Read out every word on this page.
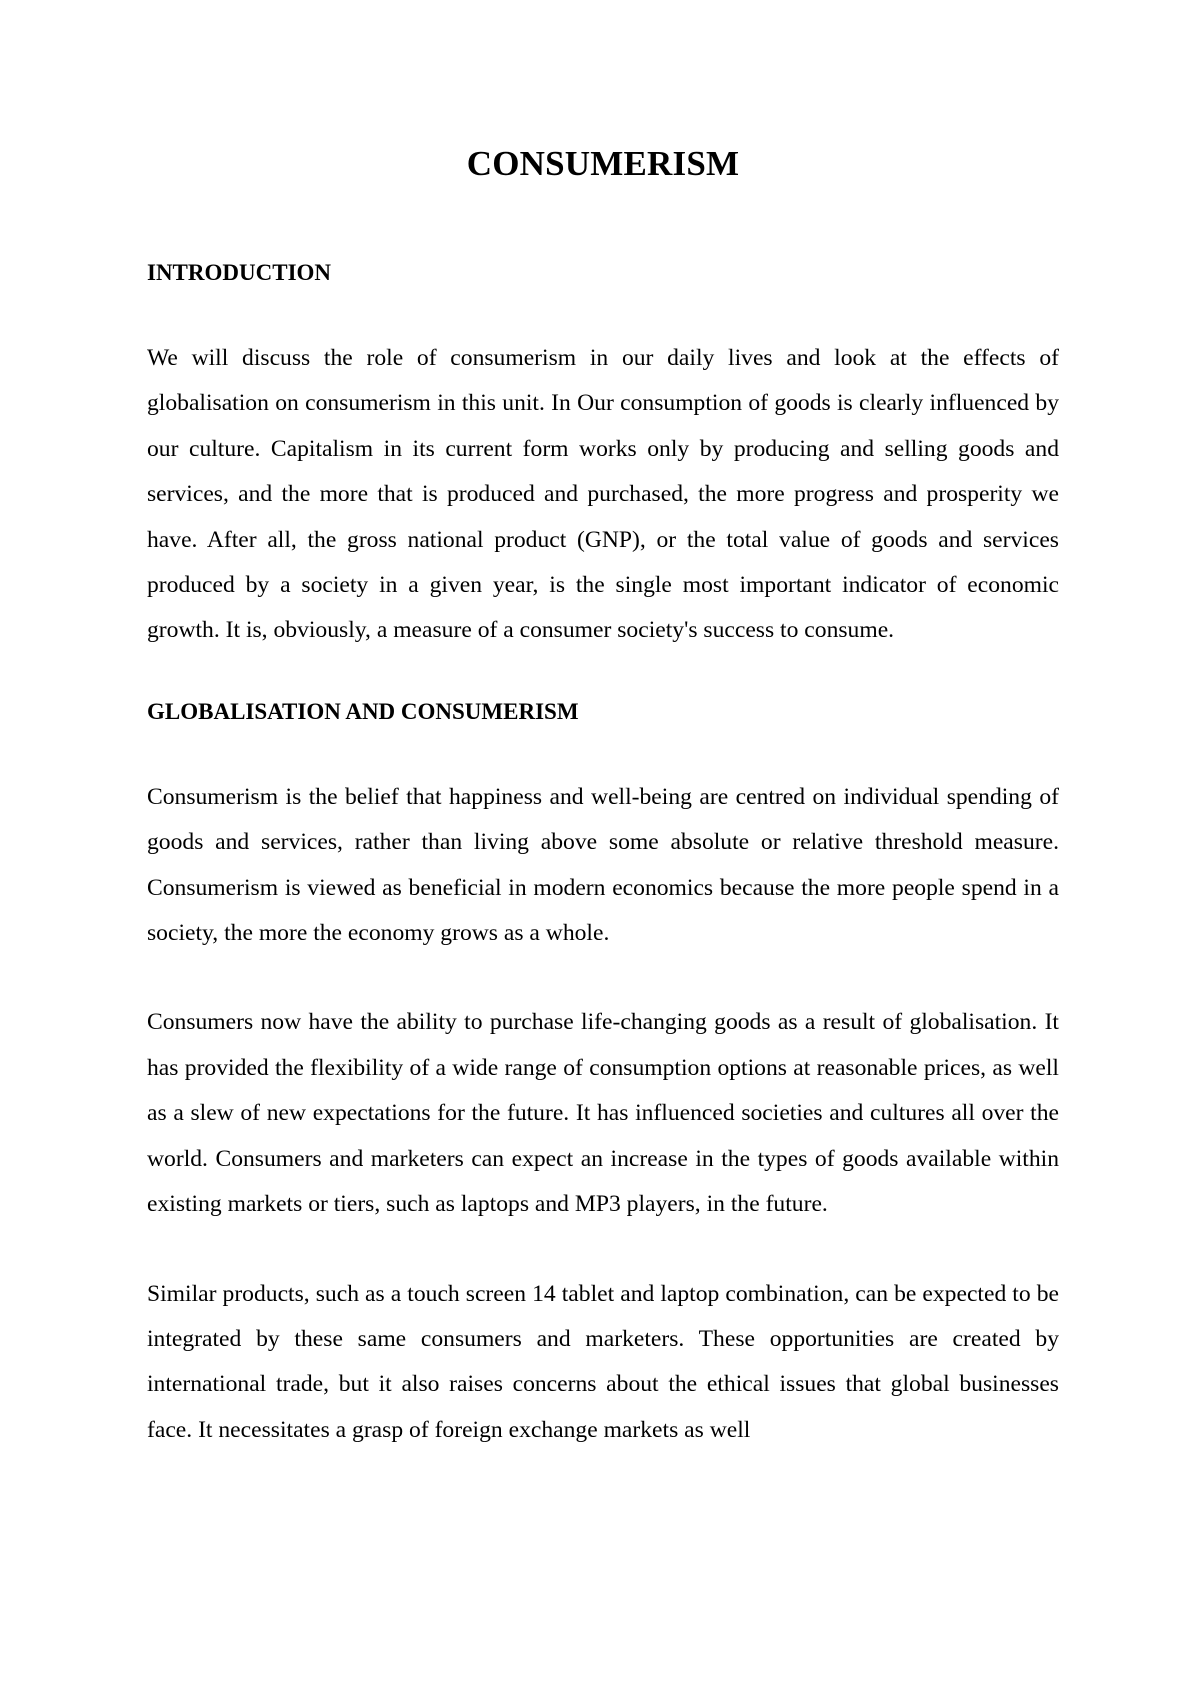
CONSUMERISM
INTRODUCTION

We will discuss the role of consumerism in our daily lives and look at the effects of globalisation on consumerism in this unit. In Our consumption of goods is clearly influenced by our culture. Capitalism in its current form works only by producing and selling goods and services, and the more that is produced and purchased, the more progress and prosperity we have. After all, the gross national product (GNP), or the total value of goods and services produced by a society in a given year, is the single most important indicator of economic growth. It is, obviously, a measure of a consumer society's success to consume.

GLOBALISATION AND CONSUMERISM

Consumerism is the belief that happiness and well-being are centred on individual spending of goods and services, rather than living above some absolute or relative threshold measure. Consumerism is viewed as beneficial in modern economics because the more people spend in a society, the more the economy grows as a whole.

Consumers now have the ability to purchase life-changing goods as a result of globalisation. It has provided the flexibility of a wide range of consumption options at reasonable prices, as well as a slew of new expectations for the future. It has influenced societies and cultures all over the world. Consumers and marketers can expect an increase in the types of goods available within existing markets or tiers, such as laptops and MP3 players, in the future.

Similar products, such as a touch screen 14 tablet and laptop combination, can be expected to be integrated by these same consumers and marketers. These opportunities are created by international trade, but it also raises concerns about the ethical issues that global businesses face. It necessitates a grasp of foreign exchange markets as well
